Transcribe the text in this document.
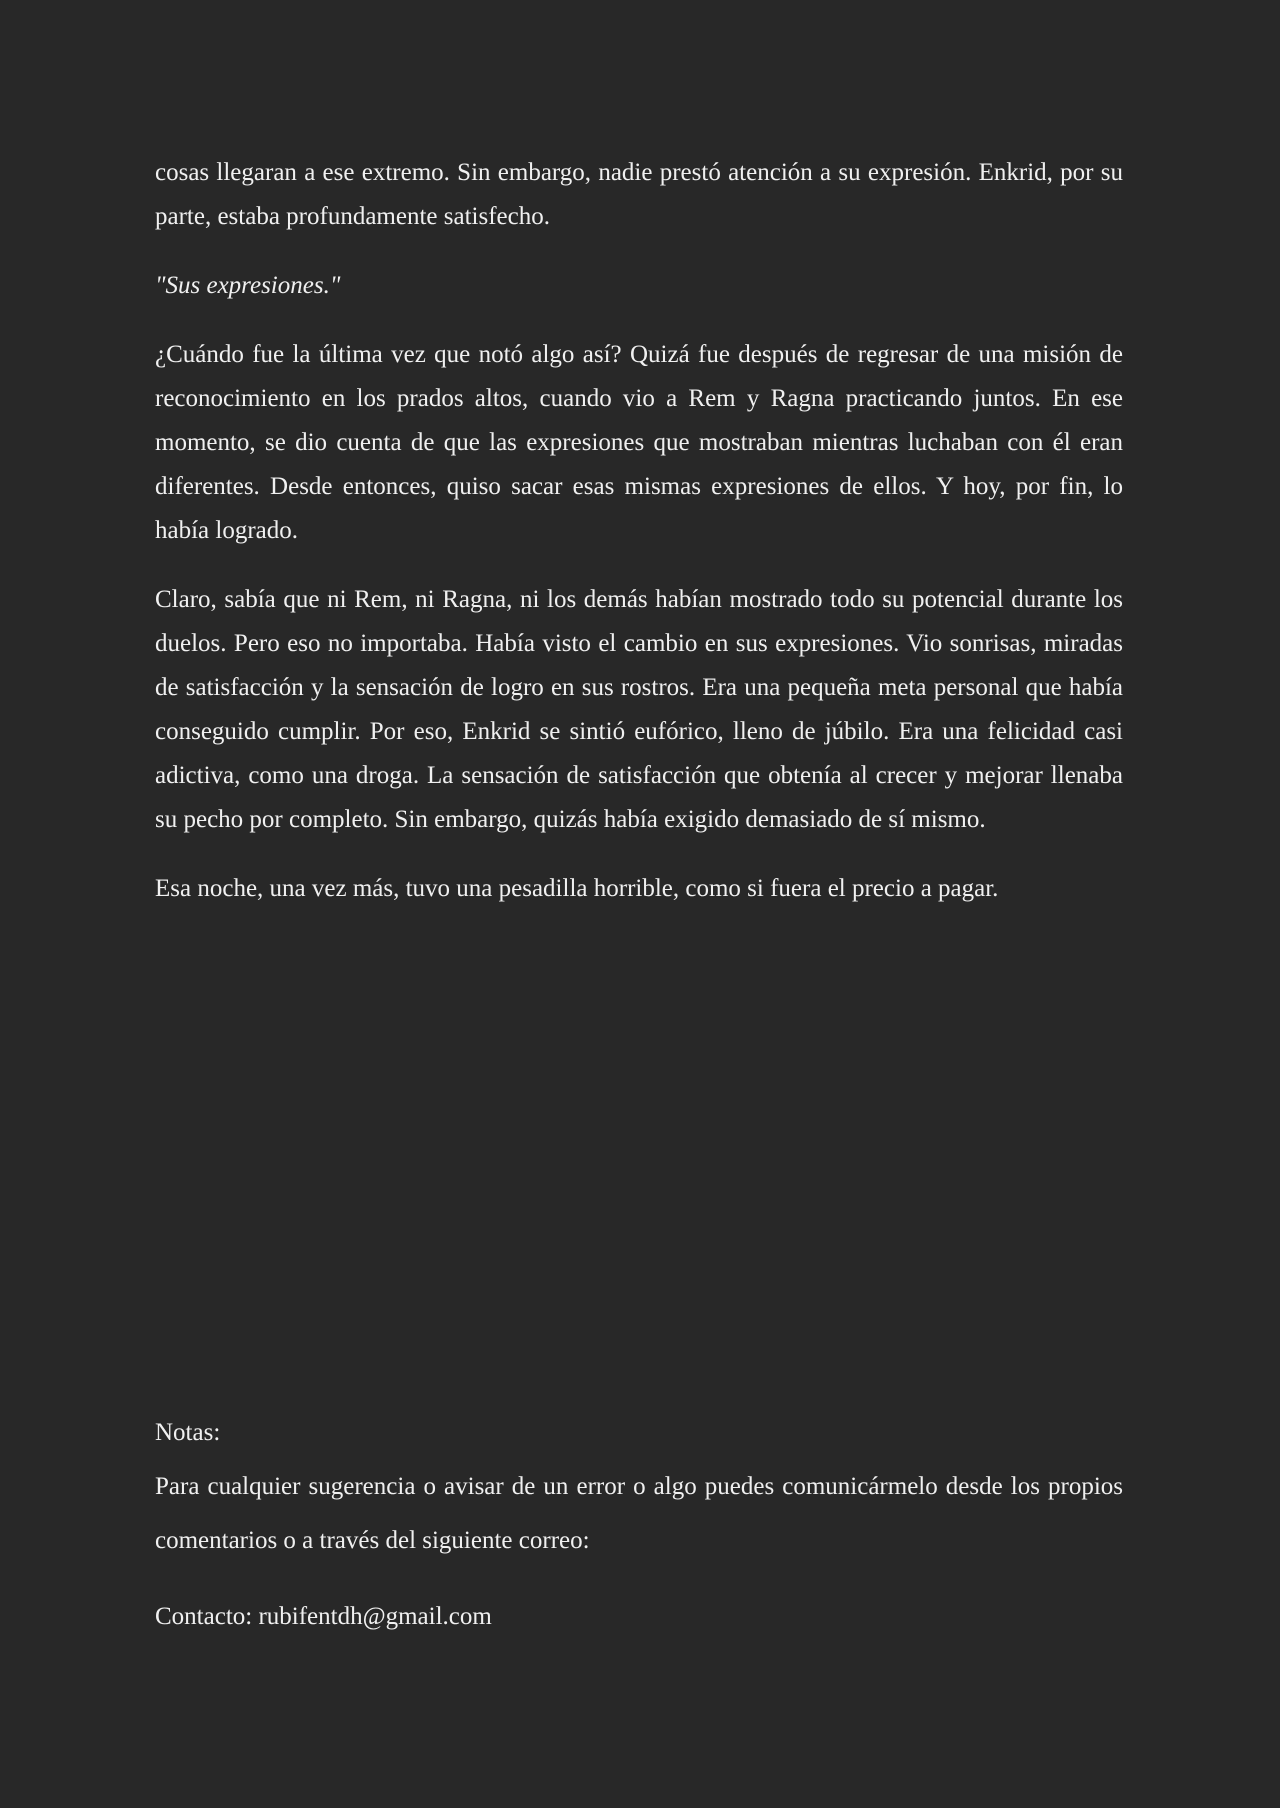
cosas llegaran a ese extremo. Sin embargo, nadie prestó atención a su expresión. Enkrid, por su parte, estaba profundamente satisfecho.

"Sus expresiones."

¿Cuándo fue la última vez que notó algo así? Quizá fue después de regresar de una misión de reconocimiento en los prados altos, cuando vio a Rem y Ragna practicando juntos. En ese momento, se dio cuenta de que las expresiones que mostraban mientras luchaban con él eran diferentes. Desde entonces, quiso sacar esas mismas expresiones de ellos. Y hoy, por fin, lo había logrado.

Claro, sabía que ni Rem, ni Ragna, ni los demás habían mostrado todo su potencial durante los duelos. Pero eso no importaba. Había visto el cambio en sus expresiones. Vio sonrisas, miradas de satisfacción y la sensación de logro en sus rostros. Era una pequeña meta personal que había conseguido cumplir. Por eso, Enkrid se sintió eufórico, lleno de júbilo. Era una felicidad casi adictiva, como una droga. La sensación de satisfacción que obtenía al crecer y mejorar llenaba su pecho por completo. Sin embargo, quizás había exigido demasiado de sí mismo.

Esa noche, una vez más, tuvo una pesadilla horrible, como si fuera el precio a pagar.

Notas:

Para cualquier sugerencia o avisar de un error o algo puedes comunicármelo desde los propios comentarios o a través del siguiente correo:

Contacto: rubifentdh@gmail.com
